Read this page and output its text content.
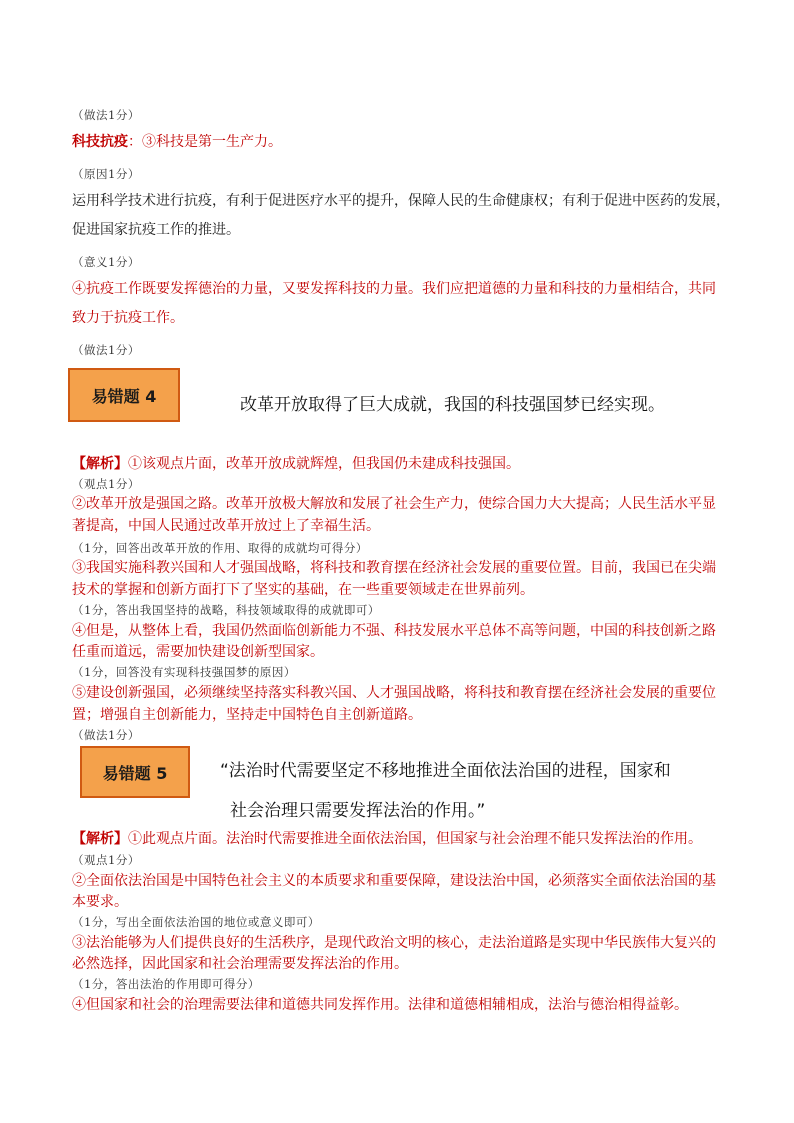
（做法1分）
科技抗疫：③科技是第一生产力。
（原因1分）
运用科学技术进行抗疫，有利于促进医疗水平的提升，保障人民的生命健康权；有利于促进中医药的发展，
促进国家抗疫工作的推进。
（意义1分）
④抗疫工作既要发挥德治的力量，又要发挥科技的力量。我们应把道德的力量和科技的力量相结合，共同
致力于抗疫工作。
（做法1分）
易错题 4	改革开放取得了巨大成就，我国的科技强国梦已经实现。
【解析】①该观点片面，改革开放成就辉煌，但我国仍未建成科技强国。
（观点1分）
②改革开放是强国之路。改革开放极大解放和发展了社会生产力，使综合国力大大提高；人民生活水平显
著提高，中国人民通过改革开放过上了幸福生活。
（1分，回答出改革开放的作用、取得的成就均可得分）
③我国实施科教兴国和人才强国战略，将科技和教育摆在经济社会发展的重要位置。目前，我国已在尖端
技术的掌握和创新方面打下了坚实的基础，在一些重要领域走在世界前列。
（1分，答出我国坚持的战略，科技领域取得的成就即可）
④但是，从整体上看，我国仍然面临创新能力不强、科技发展水平总体不高等问题，中国的科技创新之路
任重而道远，需要加快建设创新型国家。
（1分，回答没有实现科技强国梦的原因）
⑤建设创新强国，必须继续坚持落实科教兴国、人才强国战略，将科技和教育摆在经济社会发展的重要位
置；增强自主创新能力，坚持走中国特色自主创新道路。
（做法1分）
易错题 5	“法治时代需要坚定不移地推进全面依法治国的进程，国家和
社会治理只需要发挥法治的作用。”
【解析】①此观点片面。法治时代需要推进全面依法治国，但国家与社会治理不能只发挥法治的作用。
（观点1分）
②全面依法治国是中国特色社会主义的本质要求和重要保障，建设法治中国，必须落实全面依法治国的基
本要求。
（1分，写出全面依法治国的地位或意义即可）
③法治能够为人们提供良好的生活秩序，是现代政治文明的核心，走法治道路是实现中华民族伟大复兴的
必然选择，因此国家和社会治理需要发挥法治的作用。
（1分，答出法治的作用即可得分）
④但国家和社会的治理需要法律和道德共同发挥作用。法律和道德相辅相成，法治与德治相得益彰。
